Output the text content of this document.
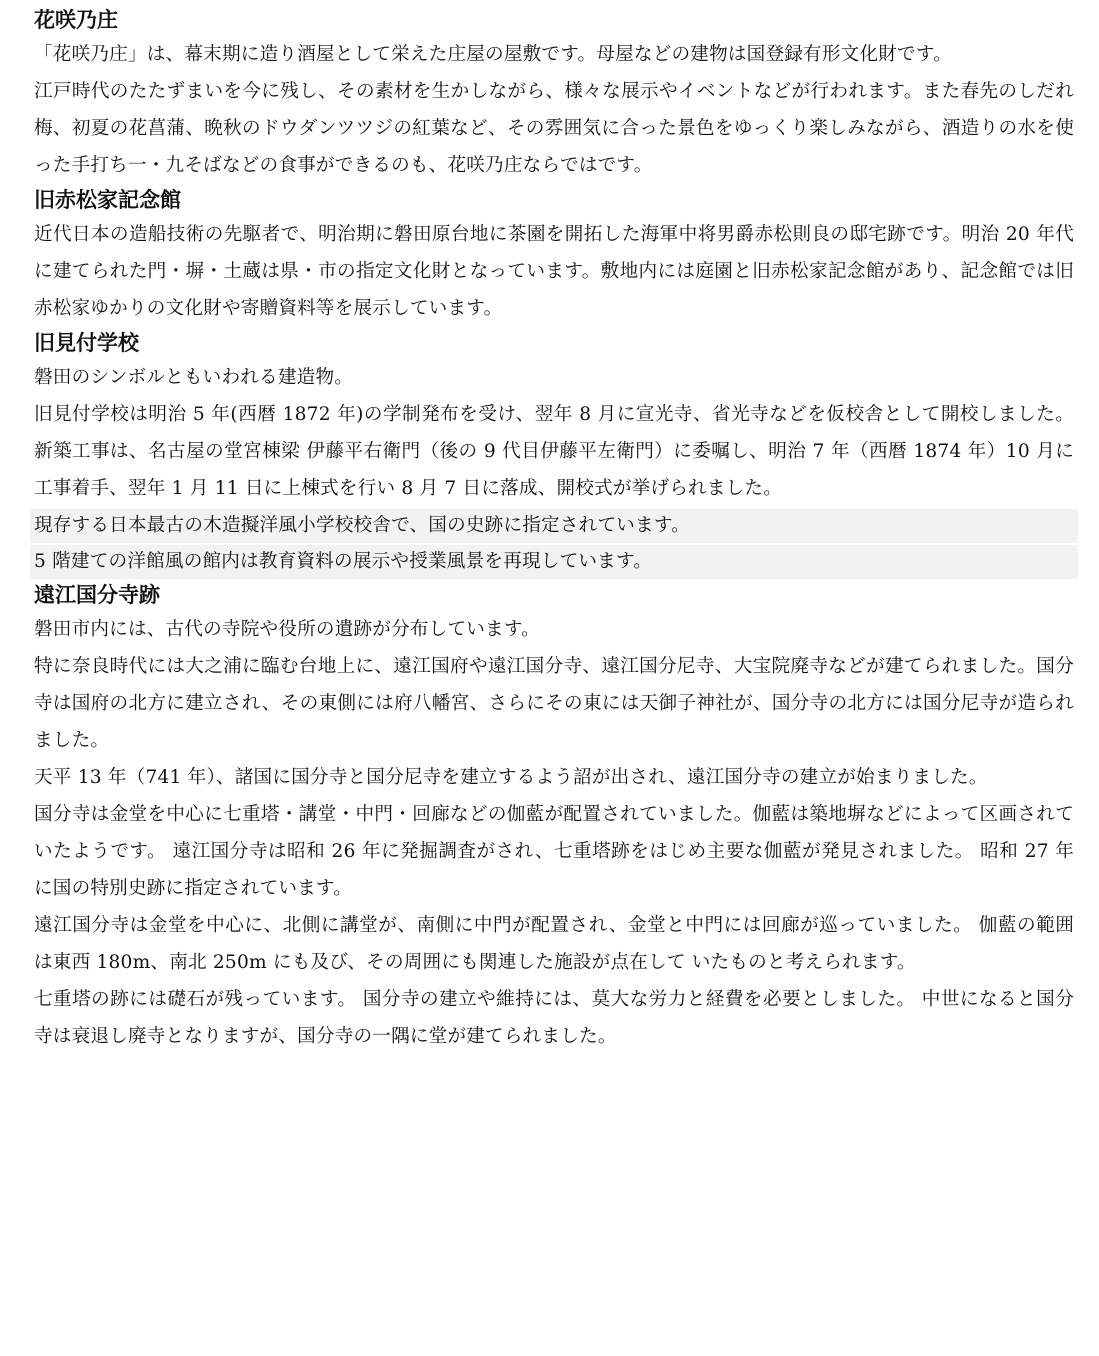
花咲乃庄

「花咲乃庄」は、幕末期に造り酒屋として栄えた庄屋の屋敷です。母屋などの建物は国登録有形文化財です。

江戸時代のたたずまいを今に残し、その素材を生かしながら、様々な展示やイベントなどが行われます。また春先のしだれ梅、初夏の花菖蒲、晩秋のドウダンツツジの紅葉など、その雰囲気に合った景色をゆっくり楽しみながら、酒造りの水を使った手打ち一・九そばなどの食事ができるのも、花咲乃庄ならではです。

旧赤松家記念館

近代日本の造船技術の先駆者で、明治期に磐田原台地に茶園を開拓した海軍中将男爵赤松則良の邸宅跡です。明治 20 年代に建てられた門・塀・土蔵は県・市の指定文化財となっています。敷地内には庭園と旧赤松家記念館があり、記念館では旧赤松家ゆかりの文化財や寄贈資料等を展示しています。

旧見付学校

磐田のシンボルともいわれる建造物。

旧見付学校は明治 5 年(西暦 1872 年)の学制発布を受け、翌年 8 月に宣光寺、省光寺などを仮校舎として開校しました。新築工事は、名古屋の堂宮棟梁 伊藤平右衛門（後の 9 代目伊藤平左衛門）に委嘱し、明治 7 年（西暦 1874 年）10 月に工事着手、翌年 1 月 11 日に上棟式を行い 8 月 7 日に落成、開校式が挙げられました。

現存する日本最古の木造擬洋風小学校校舎で、国の史跡に指定されています。

5 階建ての洋館風の館内は教育資料の展示や授業風景を再現しています。

遠江国分寺跡

磐田市内には、古代の寺院や役所の遺跡が分布しています。

特に奈良時代には大之浦に臨む台地上に、遠江国府や遠江国分寺、遠江国分尼寺、大宝院廃寺などが建てられました。国分寺は国府の北方に建立され、その東側には府八幡宮、さらにその東には天御子神社が、国分寺の北方には国分尼寺が造られました。

天平 13 年（741 年）、諸国に国分寺と国分尼寺を建立するよう詔が出され、遠江国分寺の建立が始まりました。

国分寺は金堂を中心に七重塔・講堂・中門・回廊などの伽藍が配置されていました。伽藍は築地塀などによって区画されていたようです。 遠江国分寺は昭和 26 年に発掘調査がされ、七重塔跡をはじめ主要な伽藍が発見されました。 昭和 27 年に国の特別史跡に指定されています。

遠江国分寺は金堂を中心に、北側に講堂が、南側に中門が配置され、金堂と中門には回廊が巡っていました。 伽藍の範囲は東西 180m、南北 250m にも及び、その周囲にも関連した施設が点在して いたものと考えられます。

七重塔の跡には礎石が残っています。 国分寺の建立や維持には、莫大な労力と経費を必要としました。 中世になると国分寺は衰退し廃寺となりますが、国分寺の一隅に堂が建てられました。
